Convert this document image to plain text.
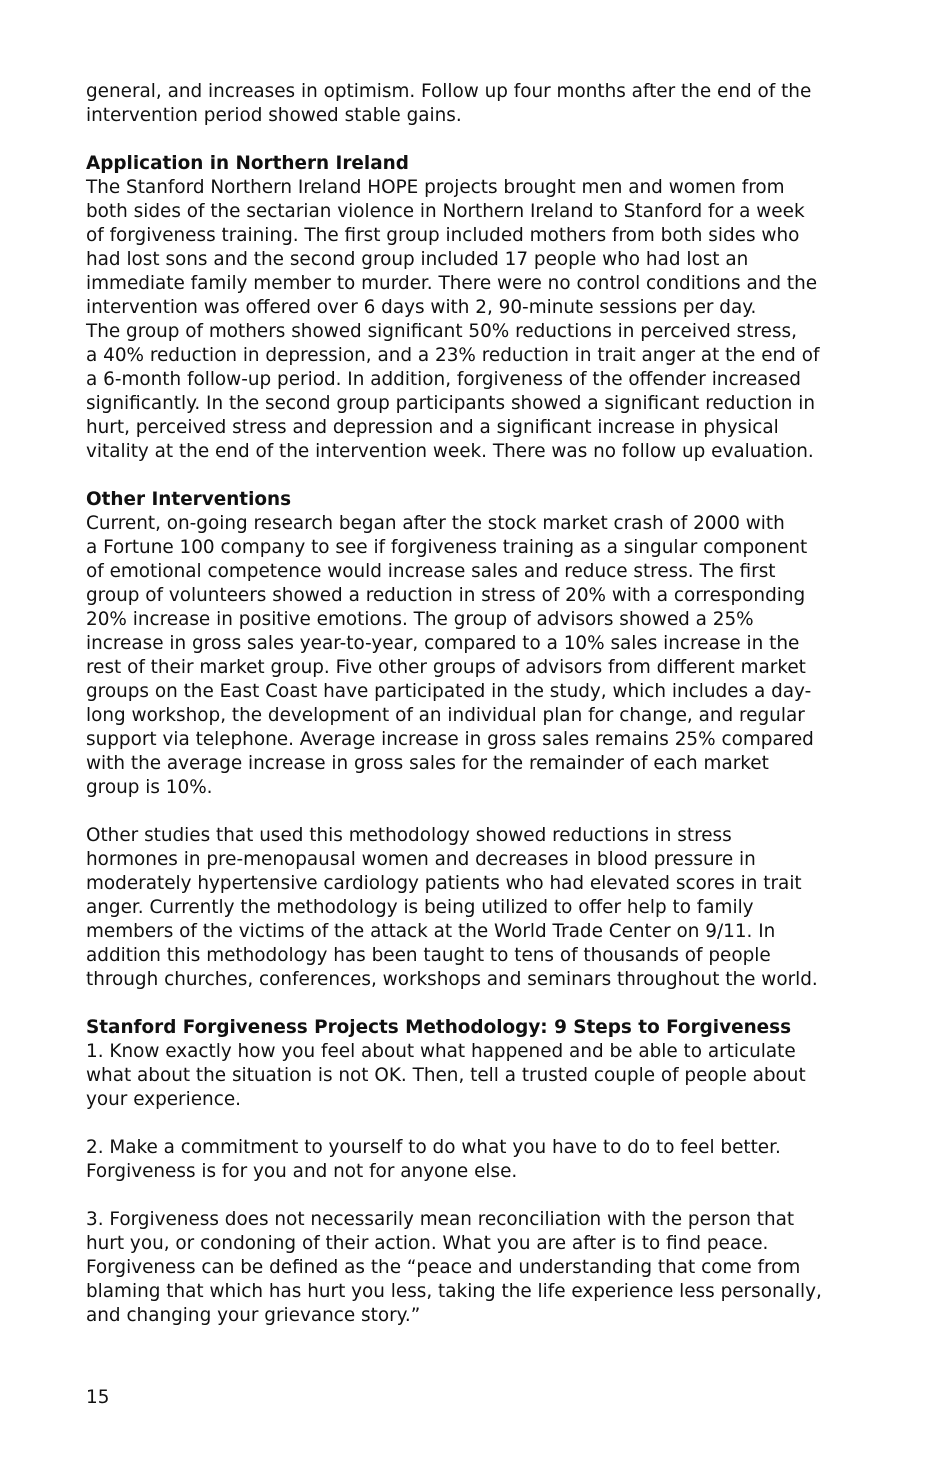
general, and increases in optimism. Follow up four months after the end of the
intervention period showed stable gains.

Application in Northern Ireland

The Stanford Northern Ireland HOPE projects brought men and women from
both sides of the sectarian violence in Northern Ireland to Stanford for a week
of forgiveness training. The first group included mothers from both sides who
had lost sons and the second group included 17 people who had lost an
immediate family member to murder. There were no control conditions and the
intervention was offered over 6 days with 2, 90-minute sessions per day.
The group of mothers showed significant 50% reductions in perceived stress,
a 40% reduction in depression, and a 23% reduction in trait anger at the end of
a 6-month follow-up period. In addition, forgiveness of the offender increased
significantly. In the second group participants showed a significant reduction in
hurt, perceived stress and depression and a significant increase in physical
vitality at the end of the intervention week. There was no follow up evaluation.

Other Interventions

Current, on-going research began after the stock market crash of 2000 with
a Fortune 100 company to see if forgiveness training as a singular component
of emotional competence would increase sales and reduce stress. The first
group of volunteers showed a reduction in stress of 20% with a corresponding
20% increase in positive emotions. The group of advisors showed a 25%
increase in gross sales year-to-year, compared to a 10% sales increase in the
rest of their market group. Five other groups of advisors from different market
groups on the East Coast have participated in the study, which includes a day-
long workshop, the development of an individual plan for change, and regular
support via telephone. Average increase in gross sales remains 25% compared
with the average increase in gross sales for the remainder of each market
group is 10%.

Other studies that used this methodology showed reductions in stress
hormones in pre-menopausal women and decreases in blood pressure in
moderately hypertensive cardiology patients who had elevated scores in trait
anger. Currently the methodology is being utilized to offer help to family
members of the victims of the attack at the World Trade Center on 9/11. In
addition this methodology has been taught to tens of thousands of people
through churches, conferences, workshops and seminars throughout the world.

Stanford Forgiveness Projects Methodology: 9 Steps to Forgiveness

1. Know exactly how you feel about what happened and be able to articulate
what about the situation is not OK. Then, tell a trusted couple of people about
your experience.

2. Make a commitment to yourself to do what you have to do to feel better.
Forgiveness is for you and not for anyone else.

3. Forgiveness does not necessarily mean reconciliation with the person that
hurt you, or condoning of their action. What you are after is to find peace.
Forgiveness can be defined as the “peace and understanding that come from
blaming that which has hurt you less, taking the life experience less personally,
and changing your grievance story.”

15
